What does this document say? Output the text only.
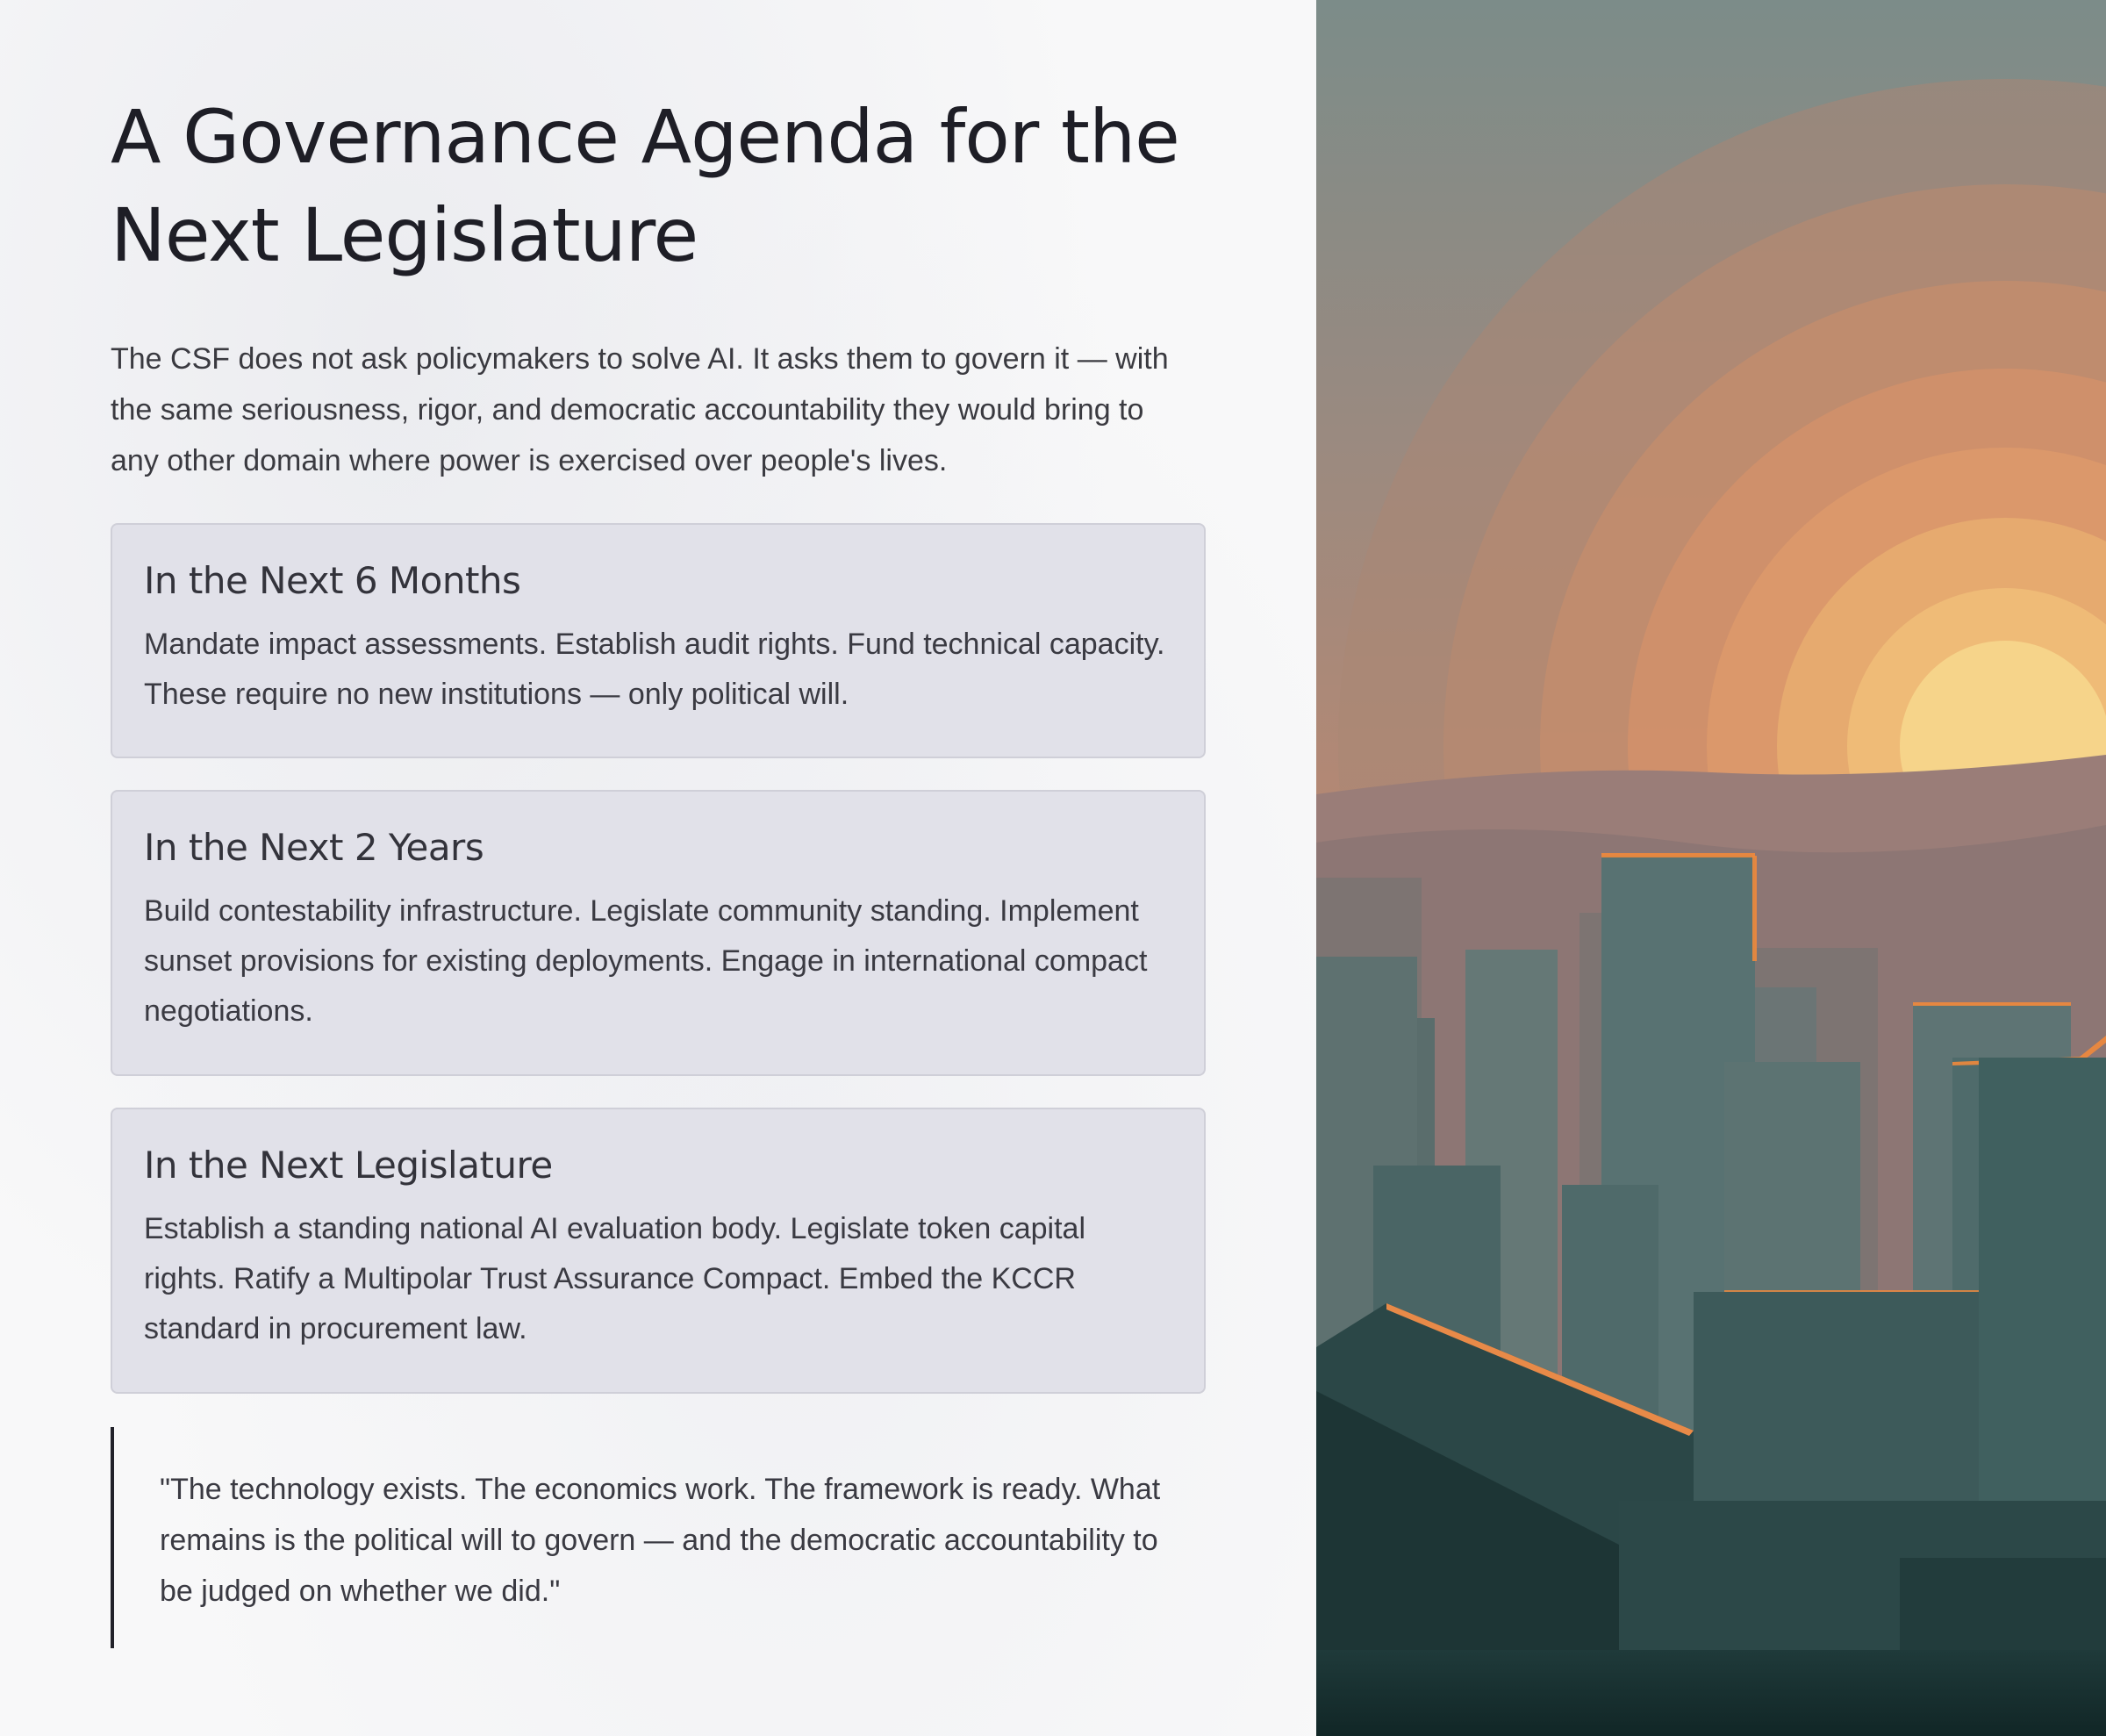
A Governance Agenda for the Next Legislature

The CSF does not ask policymakers to solve AI. It asks them to govern it — with the same seriousness, rigor, and democratic accountability they would bring to any other domain where power is exercised over people's lives.

In the Next 6 Months

Mandate impact assessments. Establish audit rights. Fund technical capacity. These require no new institutions — only political will.

In the Next 2 Years

Build contestability infrastructure. Legislate community standing. Implement sunset provisions for existing deployments. Engage in international compact negotiations.

In the Next Legislature

Establish a standing national AI evaluation body. Legislate token capital rights. Ratify a Multipolar Trust Assurance Compact. Embed the KCCR standard in procurement law.

"The technology exists. The economics work. The framework is ready. What remains is the political will to govern — and the democratic accountability to be judged on whether we did."
